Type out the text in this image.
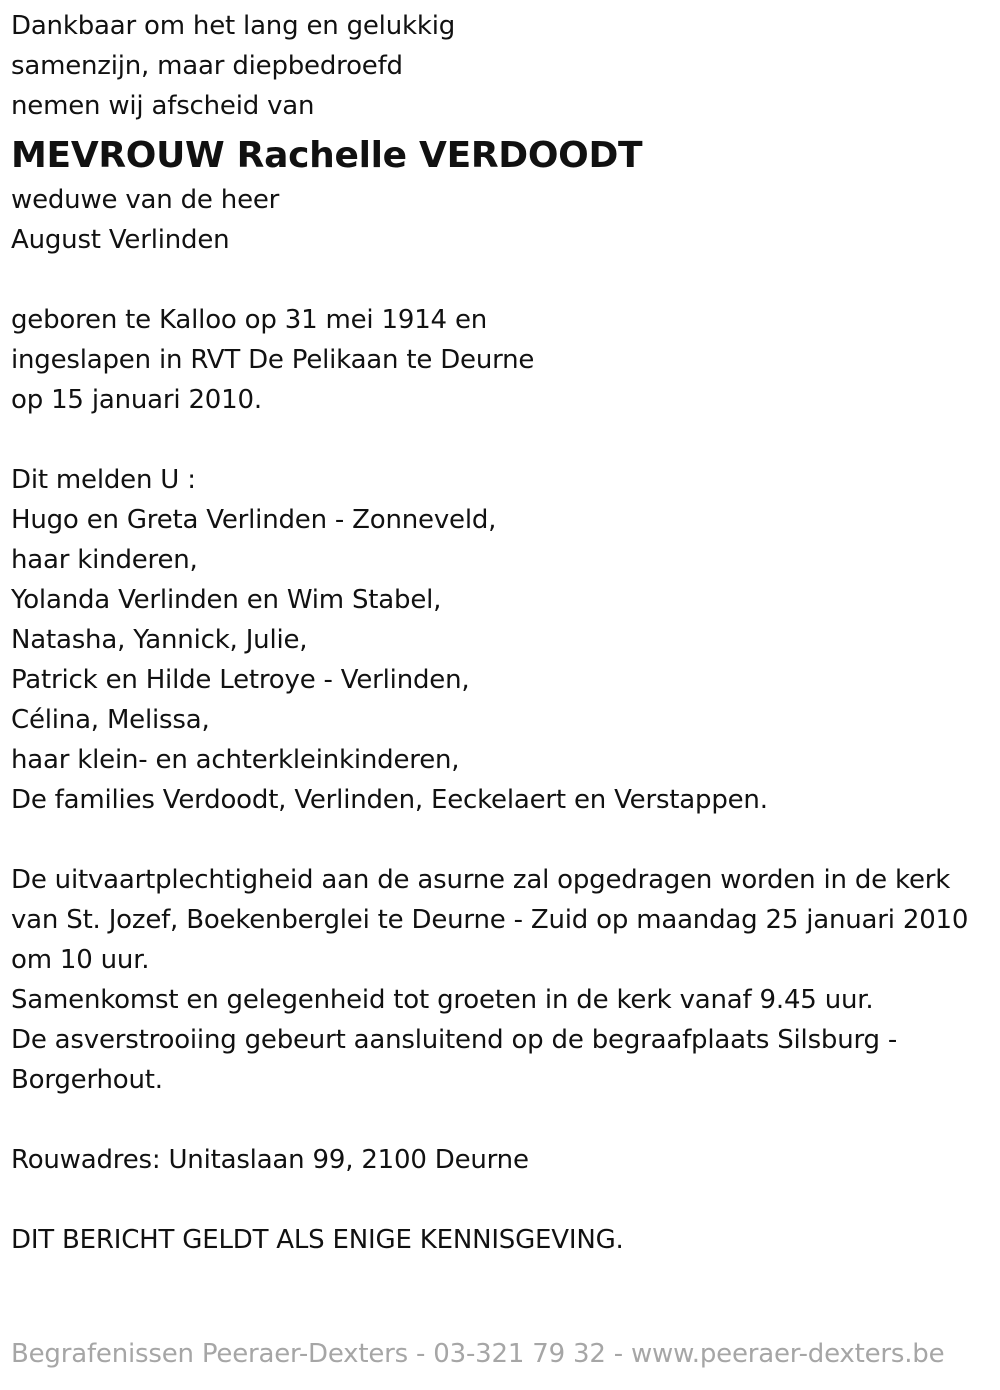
Dankbaar om het lang en gelukkig
samenzijn, maar diepbedroefd
nemen wij afscheid van
MEVROUW Rachelle VERDOODT
weduwe van de heer
August Verlinden
geboren te Kalloo op 31 mei 1914 en
ingeslapen in RVT De Pelikaan te Deurne
op 15 januari 2010.
Dit melden U :
Hugo en Greta Verlinden - Zonneveld,
haar kinderen,
Yolanda Verlinden en Wim Stabel,
Natasha, Yannick, Julie,
Patrick en Hilde Letroye - Verlinden,
Célina, Melissa,
haar klein- en achterkleinkinderen,
De families Verdoodt, Verlinden, Eeckelaert en Verstappen.
De uitvaartplechtigheid aan de asurne zal opgedragen worden in de kerk
van St. Jozef, Boekenberglei te Deurne - Zuid op maandag 25 januari 2010
om 10 uur.
Samenkomst en gelegenheid tot groeten in de kerk vanaf 9.45 uur.
De asverstrooiing gebeurt aansluitend op de begraafplaats Silsburg -
Borgerhout.
Rouwadres: Unitaslaan 99, 2100 Deurne
DIT BERICHT GELDT ALS ENIGE KENNISGEVING.
Begrafenissen Peeraer-Dexters - 03-321 79 32 - www.peeraer-dexters.be
